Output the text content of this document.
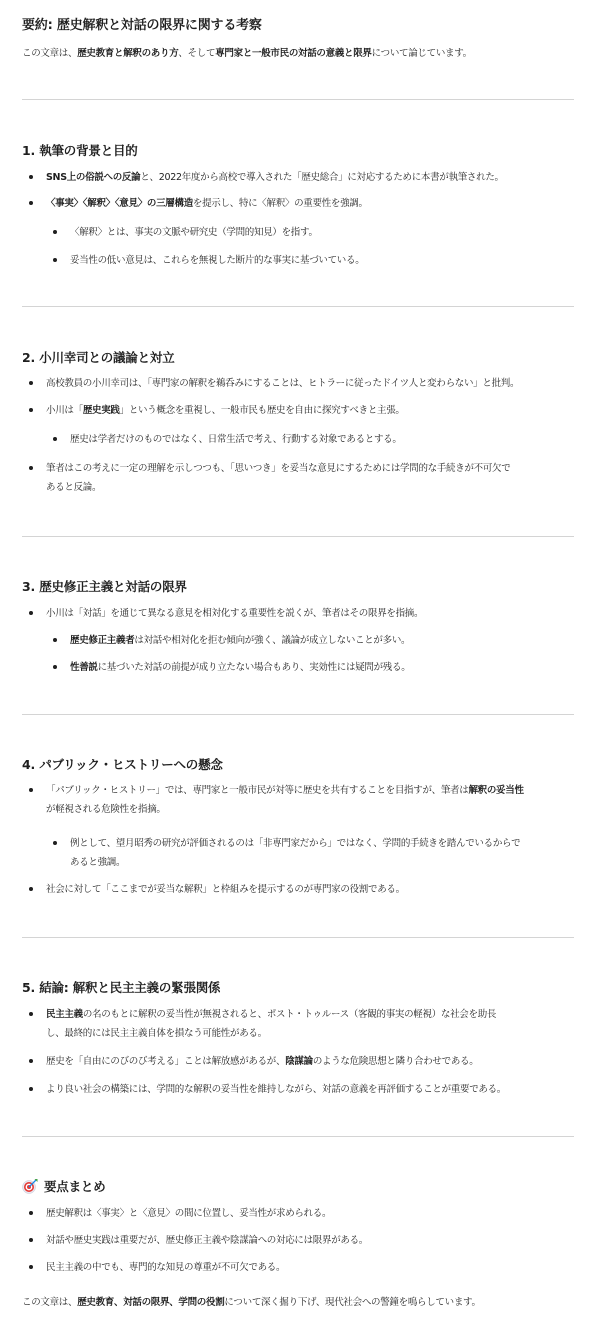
要約: 歴史解釈と対話の限界に関する考察
この文章は、歴史教育と解釈のあり方、そして専門家と一般市民の対話の意義と限界について論じています。
1. 執筆の背景と目的
SNS上の俗説への反論と、2022年度から高校で導入された「歴史総合」に対応するために本書が執筆された。
〈事実〉〈解釈〉〈意見〉の三層構造を提示し、特に〈解釈〉の重要性を強調。
〈解釈〉とは、事実の文脈や研究史（学問的知見）を指す。
妥当性の低い意見は、これらを無視した断片的な事実に基づいている。
2. 小川幸司との議論と対立
高校教員の小川幸司は、「専門家の解釈を鵜呑みにすることは、ヒトラーに従ったドイツ人と変わらない」と批判。
小川は「歴史実践」という概念を重視し、一般市民も歴史を自由に探究すべきと主張。
歴史は学者だけのものではなく、日常生活で考え、行動する対象であるとする。
筆者はこの考えに一定の理解を示しつつも、「思いつき」を妥当な意見にするためには学問的な手続きが不可欠で
あると反論。
3. 歴史修正主義と対話の限界
小川は「対話」を通じて異なる意見を相対化する重要性を説くが、筆者はその限界を指摘。
歴史修正主義者は対話や相対化を拒む傾向が強く、議論が成立しないことが多い。
性善説に基づいた対話の前提が成り立たない場合もあり、実効性には疑問が残る。
4. パブリック・ヒストリーへの懸念
「パブリック・ヒストリー」では、専門家と一般市民が対等に歴史を共有することを目指すが、筆者は解釈の妥当性
が軽視される危険性を指摘。
例として、望月昭秀の研究が評価されるのは「非専門家だから」ではなく、学問的手続きを踏んでいるからで
あると強調。
社会に対して「ここまでが妥当な解釈」と枠組みを提示するのが専門家の役割である。
5. 結論: 解釈と民主主義の緊張関係
民主主義の名のもとに解釈の妥当性が無視されると、ポスト・トゥルース（客観的事実の軽視）な社会を助長
し、最終的には民主主義自体を損なう可能性がある。
歴史を「自由にのびのび考える」ことは解放感があるが、陰謀論のような危険思想と隣り合わせである。
より良い社会の構築には、学問的な解釈の妥当性を維持しながら、対話の意義を再評価することが重要である。
要点まとめ
歴史解釈は〈事実〉と〈意見〉の間に位置し、妥当性が求められる。
対話や歴史実践は重要だが、歴史修正主義や陰謀論への対応には限界がある。
民主主義の中でも、専門的な知見の尊重が不可欠である。
この文章は、歴史教育、対話の限界、学問の役割について深く掘り下げ、現代社会への警鐘を鳴らしています。
